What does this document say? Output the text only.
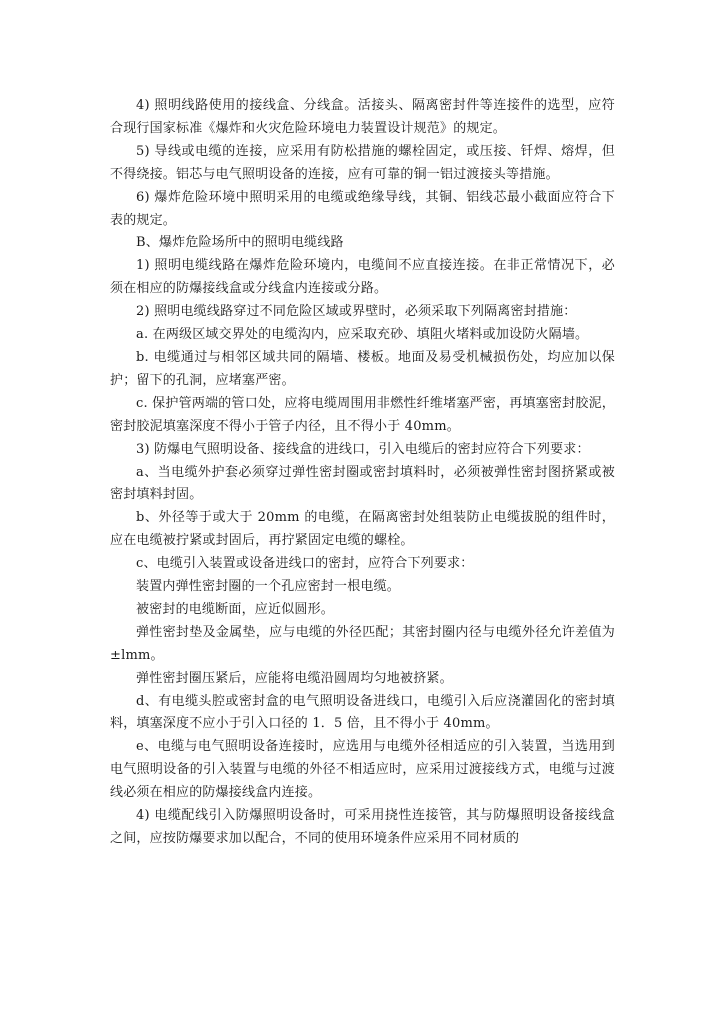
4) 照明线路使用的接线盒、分线盒。活接头、隔离密封件等连接件的选型，应符合现行国家标准《爆炸和火灾危险环境电力装置设计规范》的规定。

5) 导线或电缆的连接，应采用有防松措施的螺栓固定，或压接、钎焊、熔焊，但不得绕接。铝芯与电气照明设备的连接，应有可靠的铜一铝过渡接头等措施。

6) 爆炸危险环境中照明采用的电缆或绝缘导线，其铜、铝线芯最小截面应符合下表的规定。

B、爆炸危险场所中的照明电缆线路

1) 照明电缆线路在爆炸危险环境内，电缆间不应直接连接。在非正常情况下，必须在相应的防爆接线盒或分线盒内连接或分路。

2) 照明电缆线路穿过不同危险区域或界壁时，必须采取下列隔离密封措施：

a. 在两级区域交界处的电缆沟内，应采取充砂、填阻火堵料或加设防火隔墙。

b. 电缆通过与相邻区域共同的隔墙、楼板。地面及易受机械损伤处，均应加以保护；留下的孔洞，应堵塞严密。

c. 保护管两端的管口处，应将电缆周围用非燃性纤维堵塞严密，再填塞密封胶泥，密封胶泥填塞深度不得小于管子内径，且不得小于 40mm。

3) 防爆电气照明设备、接线盒的进线口，引入电缆后的密封应符合下列要求：

a、当电缆外护套必须穿过弹性密封圈或密封填料时，必须被弹性密封图挤紧或被密封填料封固。

b、外径等于或大于 20mm 的电缆，在隔离密封处组装防止电缆拔脱的组件时，应在电缆被拧紧或封固后，再拧紧固定电缆的螺栓。

c、电缆引入装置或设备进线口的密封，应符合下列要求：

装置内弹性密封圈的一个孔应密封一根电缆。

被密封的电缆断面，应近似圆形。

弹性密封垫及金属垫，应与电缆的外径匹配；其密封圈内径与电缆外径允许差值为±lmm。

弹性密封圈压紧后，应能将电缆沿圆周均匀地被挤紧。

d、有电缆头腔或密封盒的电气照明设备进线口，电缆引入后应浇灌固化的密封填料，填塞深度不应小于引入口径的 1．5 倍，且不得小于 40mm。

e、电缆与电气照明设备连接时，应选用与电缆外径相适应的引入装置，当选用到电气照明设备的引入装置与电缆的外径不相适应时，应采用过渡接线方式，电缆与过渡线必须在相应的防爆接线盒内连接。

4) 电缆配线引入防爆照明设备时，可采用挠性连接管，其与防爆照明设备接线盒之间，应按防爆要求加以配合，不同的使用环境条件应采用不同材质的
